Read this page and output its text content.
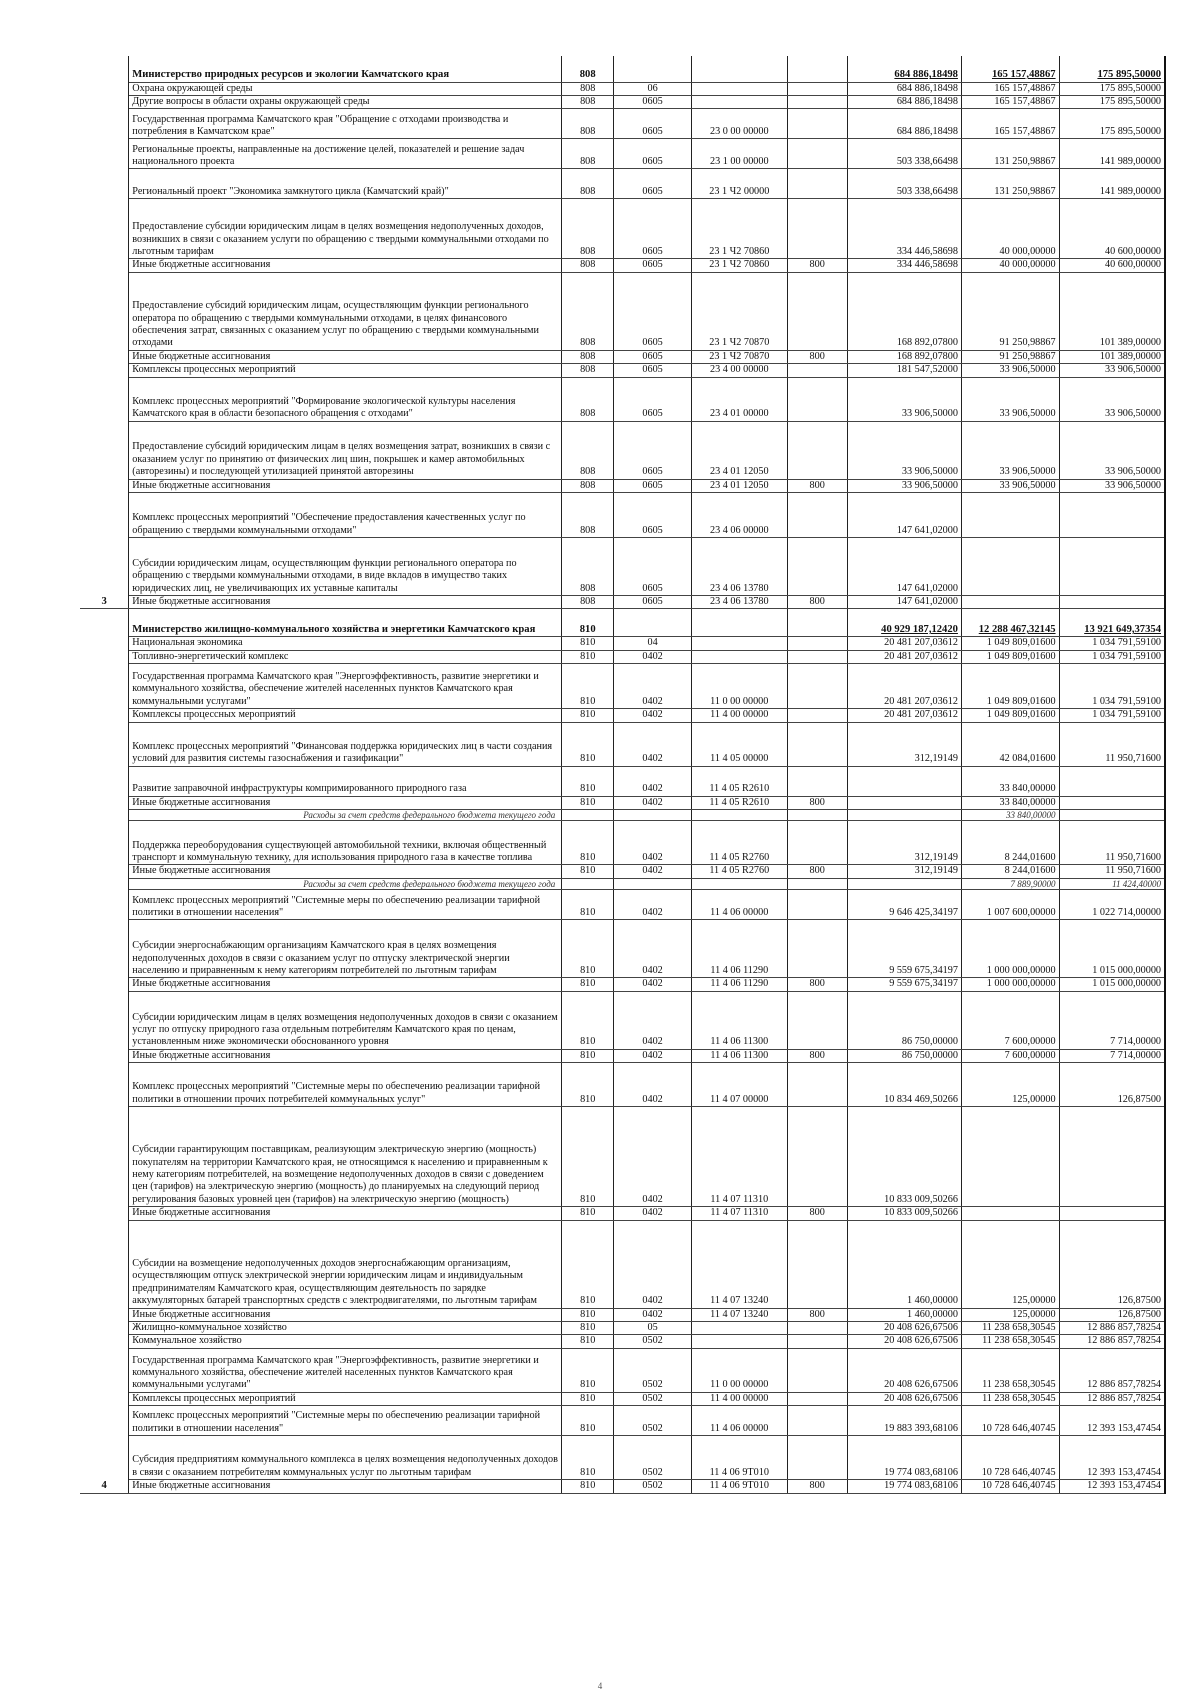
3	Министерство природных ресурсов и экологии Камчатского края	808				684 886,18498	165 157,48867	175 895,50000
	Охрана окружающей среды	808	06			684 886,18498	165 157,48867	175 895,50000
	Другие вопросы в области охраны окружающей среды	808	0605			684 886,18498	165 157,48867	175 895,50000
	Государственная программа Камчатского края "Обращение с отходами производства и потребления в Камчатском крае"	808	0605	23 0 00 00000		684 886,18498	165 157,48867	175 895,50000
	Региональные проекты, направленные на достижение целей, показателей и решение задач национального проекта	808	0605	23 1 00 00000		503 338,66498	131 250,98867	141 989,00000
	Региональный проект "Экономика замкнутого цикла (Камчатский край)"	808	0605	23 1 Ч2 00000		503 338,66498	131 250,98867	141 989,00000
	Предоставление субсидии юридическим лицам в целях возмещения недополученных доходов, возникших в связи с оказанием услуги по обращению с твердыми коммунальными отходами по льготным тарифам	808	0605	23 1 Ч2 70860		334 446,58698	40 000,00000	40 600,00000
	Иные бюджетные ассигнования	808	0605	23 1 Ч2 70860	800	334 446,58698	40 000,00000	40 600,00000
	Предоставление субсидий юридическим лицам, осуществляющим функции регионального оператора по обращению с твердыми коммунальными отходами, в целях финансового обеспечения затрат, связанных с оказанием услуг по обращению с твердыми коммунальными отходами	808	0605	23 1 Ч2 70870		168 892,07800	91 250,98867	101 389,00000
	Иные бюджетные ассигнования	808	0605	23 1 Ч2 70870	800	168 892,07800	91 250,98867	101 389,00000
	Комплексы процессных мероприятий	808	0605	23 4 00 00000		181 547,52000	33 906,50000	33 906,50000
	Комплекс процессных мероприятий "Формирование экологической культуры населения Камчатского края в области безопасного обращения с отходами"	808	0605	23 4 01 00000		33 906,50000	33 906,50000	33 906,50000
	Предоставление субсидий юридическим лицам в целях возмещения затрат, возникших в связи с оказанием услуг по принятию от физических лиц шин, покрышек и камер автомобильных (авторезины) и последующей утилизацией принятой авторезины	808	0605	23 4 01 12050		33 906,50000	33 906,50000	33 906,50000
	Иные бюджетные ассигнования	808	0605	23 4 01 12050	800	33 906,50000	33 906,50000	33 906,50000
	Комплекс процессных мероприятий "Обеспечение предоставления качественных услуг по обращению с твердыми коммунальными отходами"	808	0605	23 4 06 00000		147 641,02000		
	Субсидии юридическим лицам, осуществляющим функции регионального оператора по обращению с твердыми коммунальными отходами, в виде вкладов в имущество таких юридических лиц, не увеличивающих их уставные капиталы	808	0605	23 4 06 13780		147 641,02000		
	Иные бюджетные ассигнования	808	0605	23 4 06 13780	800	147 641,02000		
4	Министерство жилищно-коммунального хозяйства и энергетики Камчатского края	810				40 929 187,12420	12 288 467,32145	13 921 649,37354
	Национальная экономика	810	04			20 481 207,03612	1 049 809,01600	1 034 791,59100
	Топливно-энергетический комплекс	810	0402			20 481 207,03612	1 049 809,01600	1 034 791,59100
	Государственная программа Камчатского края "Энергоэффективность, развитие энергетики и коммунального хозяйства, обеспечение жителей населенных пунктов Камчатского края коммунальными услугами"	810	0402	11 0 00 00000		20 481 207,03612	1 049 809,01600	1 034 791,59100
	Комплексы процессных мероприятий	810	0402	11 4 00 00000		20 481 207,03612	1 049 809,01600	1 034 791,59100
	Комплекс процессных мероприятий "Финансовая поддержка юридических лиц в части создания условий для развития системы газоснабжения и газификации"	810	0402	11 4 05 00000		312,19149	42 084,01600	11 950,71600
	Развитие заправочной инфраструктуры компримированного природного газа	810	0402	11 4 05 R2610			33 840,00000	
	Иные бюджетные ассигнования	810	0402	11 4 05 R2610	800		33 840,00000	
	Расходы за счет средств федерального бюджета текущего года						33 840,00000	
	Поддержка переоборудования существующей автомобильной техники, включая общественный транспорт и коммунальную технику, для использования природного газа в качестве топлива	810	0402	11 4 05 R2760		312,19149	8 244,01600	11 950,71600
	Иные бюджетные ассигнования	810	0402	11 4 05 R2760	800	312,19149	8 244,01600	11 950,71600
	Расходы за счет средств федерального бюджета текущего года						7 889,90000	11 424,40000
	Комплекс процессных мероприятий "Системные меры по обеспечению реализации тарифной политики в отношении населения"	810	0402	11 4 06 00000		9 646 425,34197	1 007 600,00000	1 022 714,00000
	Субсидии энергоснабжающим организациям Камчатского края в целях возмещения недополученных доходов в связи с оказанием услуг по отпуску электрической энергии населению и приравненным к нему категориям потребителей по льготным тарифам	810	0402	11 4 06 11290		9 559 675,34197	1 000 000,00000	1 015 000,00000
	Иные бюджетные ассигнования	810	0402	11 4 06 11290	800	9 559 675,34197	1 000 000,00000	1 015 000,00000
	Субсидии юридическим лицам в целях возмещения недополученных доходов в связи с оказанием услуг по отпуску природного газа отдельным потребителям Камчатского края по ценам, установленным ниже экономически обоснованного уровня	810	0402	11 4 06 11300		86 750,00000	7 600,00000	7 714,00000
	Иные бюджетные ассигнования	810	0402	11 4 06 11300	800	86 750,00000	7 600,00000	7 714,00000
	Комплекс процессных мероприятий "Системные меры по обеспечению реализации тарифной политики в отношении прочих потребителей коммунальных услуг"	810	0402	11 4 07 00000		10 834 469,50266	125,00000	126,87500
	Субсидии гарантирующим поставщикам, реализующим электрическую энергию (мощность) покупателям на территории Камчатского края, не относящимся к населению и приравненным к нему категориям потребителей, на возмещение недополученных доходов в связи с доведением цен (тарифов) на электрическую энергию (мощность) до планируемых на следующий период регулирования базовых уровней цен (тарифов) на электрическую энергию (мощность)	810	0402	11 4 07 11310		10 833 009,50266		
	Иные бюджетные ассигнования	810	0402	11 4 07 11310	800	10 833 009,50266		
	Субсидии на возмещение недополученных доходов энергоснабжающим организациям, осуществляющим отпуск электрической энергии юридическим лицам и индивидуальным предпринимателям Камчатского края, осуществляющим деятельность по зарядке аккумуляторных батарей транспортных средств с электродвигателями, по льготным тарифам	810	0402	11 4 07 13240		1 460,00000	125,00000	126,87500
	Иные бюджетные ассигнования	810	0402	11 4 07 13240	800	1 460,00000	125,00000	126,87500
	Жилищно-коммунальное хозяйство	810	05			20 408 626,67506	11 238 658,30545	12 886 857,78254
	Коммунальное хозяйство	810	0502			20 408 626,67506	11 238 658,30545	12 886 857,78254
	Государственная программа Камчатского края "Энергоэффективность, развитие энергетики и коммунального хозяйства, обеспечение жителей населенных пунктов Камчатского края коммунальными услугами"	810	0502	11 0 00 00000		20 408 626,67506	11 238 658,30545	12 886 857,78254
	Комплексы процессных мероприятий	810	0502	11 4 00 00000		20 408 626,67506	11 238 658,30545	12 886 857,78254
	Комплекс процессных мероприятий "Системные меры по обеспечению реализации тарифной политики в отношении населения"	810	0502	11 4 06 00000		19 883 393,68106	10 728 646,40745	12 393 153,47454
	Субсидия предприятиям коммунального комплекса в целях возмещения недополученных доходов в связи с оказанием потребителям коммунальных услуг по льготным тарифам	810	0502	11 4 06 9Т010		19 774 083,68106	10 728 646,40745	12 393 153,47454
	Иные бюджетные ассигнования	810	0502	11 4 06 9Т010	800	19 774 083,68106	10 728 646,40745	12 393 153,47454
4
